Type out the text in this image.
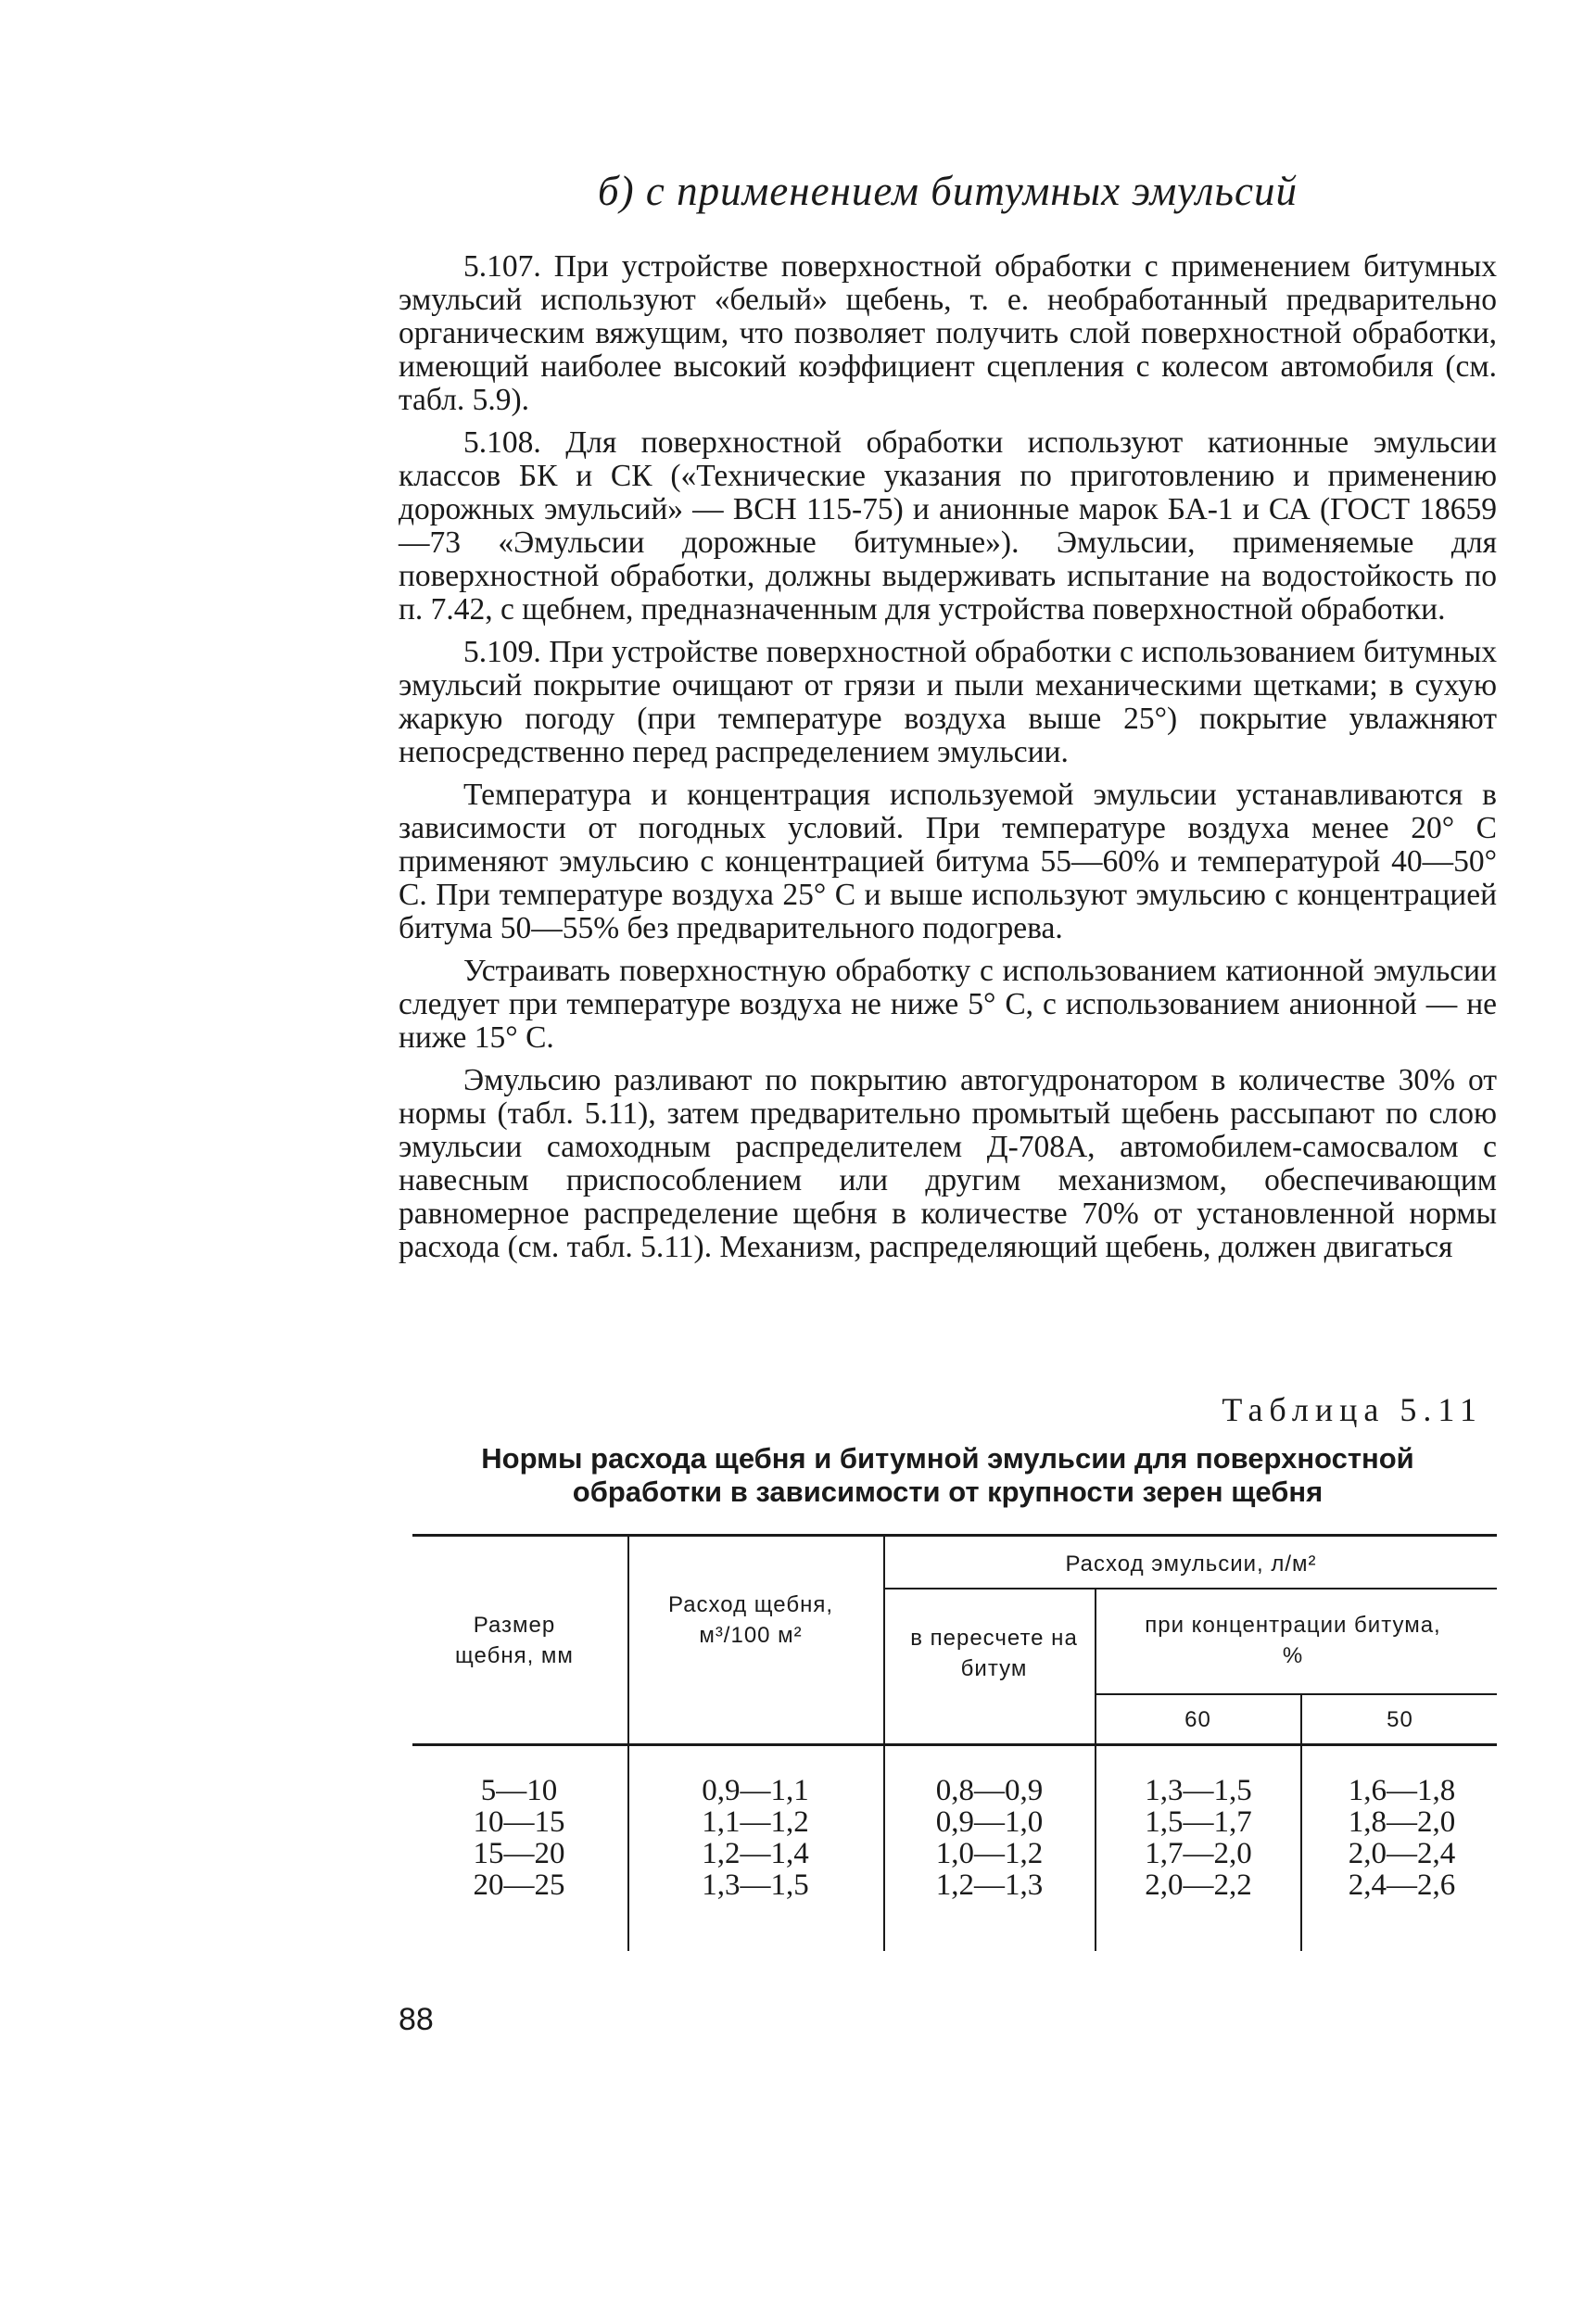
б) с применением битумных эмульсий

5.107. При устройстве поверхностной обработки с применением битумных эмульсий используют «белый» щебень, т. е. необработанный предварительно органическим вяжущим, что позволяет получить слой поверхностной обработки, имеющий наиболее высокий коэффициент сцепления с колесом автомобиля (см. табл. 5.9).

5.108. Для поверхностной обработки используют катионные эмульсии классов БК и СК («Технические указания по приготовлению и применению дорожных эмульсий» — ВСН 115-75) и анионные марок БА-1 и СА (ГОСТ 18659—73 «Эмульсии дорожные битумные»). Эмульсии, применяемые для поверхностной обработки, должны выдерживать испытание на водостойкость по п. 7.42, с щебнем, предназначенным для устройства поверхностной обработки.

5.109. При устройстве поверхностной обработки с использованием битумных эмульсий покрытие очищают от грязи и пыли механическими щетками; в сухую жаркую погоду (при температуре воздуха выше 25°) покрытие увлажняют непосредственно перед распределением эмульсии.

Температура и концентрация используемой эмульсии устанавливаются в зависимости от погодных условий. При температуре воздуха менее 20° С применяют эмульсию с концентрацией битума 55—60% и температурой 40—50° С. При температуре воздуха 25° С и выше используют эмульсию с концентрацией битума 50—55% без предварительного подогрева.

Устраивать поверхностную обработку с использованием катионной эмульсии следует при температуре воздуха не ниже 5° С, с использованием анионной — не ниже 15° С.

Эмульсию разливают по покрытию автогудронатором в количестве 30% от нормы (табл. 5.11), затем предварительно промытый щебень рассыпают по слою эмульсии самоходным распределителем Д-708А, автомобилем-самосвалом с навесным приспособлением или другим механизмом, обеспечивающим равномерное распределение щебня в количестве 70% от установленной нормы расхода (см. табл. 5.11). Механизм, распределяющий щебень, должен двигаться

Таблица 5.11
Нормы расхода щебня и битумной эмульсии для поверхностной
обработки в зависимости от крупности зерен щебня
Размер щебня, мм
Расход щебня, м³/100 м²
Расход эмульсии, л/м²
в пересчете на битум
при концентрации битума, %
60	50
5—10
10—15
15—20
20—25
0,9—1,1
1,1—1,2
1,2—1,4
1,3—1,5
0,8—0,9
0,9—1,0
1,0—1,2
1,2—1,3
1,3—1,5
1,5—1,7
1,7—2,0
2,0—2,2
1,6—1,8
1,8—2,0
2,0—2,4
2,4—2,6
88
